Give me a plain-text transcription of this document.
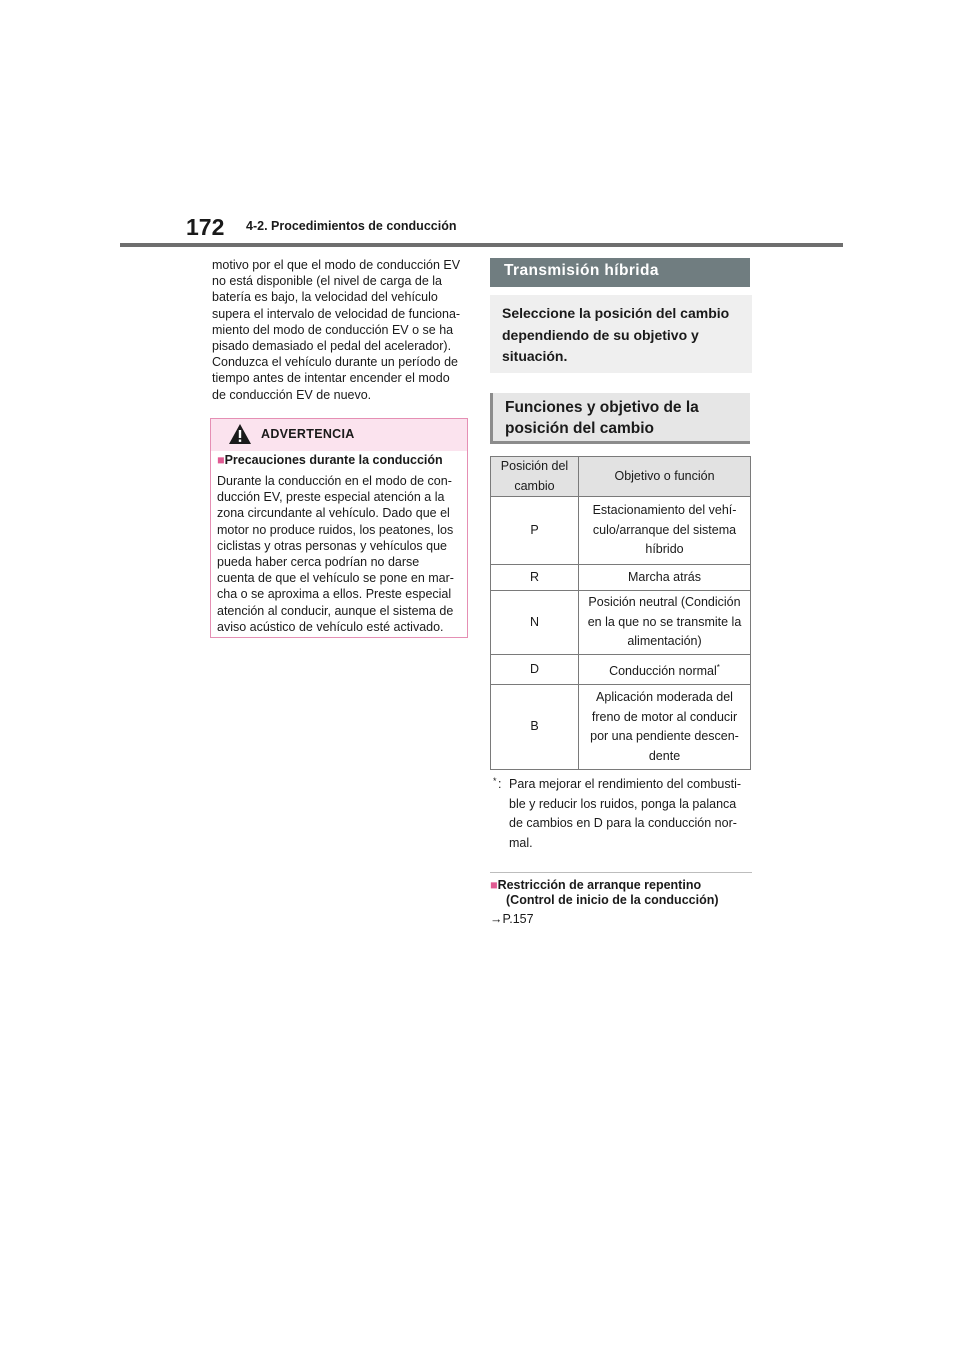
172 4-2. Procedimientos de conducción
motivo por el que el modo de conducción EV
no está disponible (el nivel de carga de la
batería es bajo, la velocidad del vehículo
supera el intervalo de velocidad de funciona-
miento del modo de conducción EV o se ha
pisado demasiado el pedal del acelerador).
Conduzca el vehículo durante un período de
tiempo antes de intentar encender el modo
de conducción EV de nuevo.
ADVERTENCIA
■Precauciones durante la conducción
Durante la conducción en el modo de con-
ducción EV, preste especial atención a la
zona circundante al vehículo. Dado que el
motor no produce ruidos, los peatones, los
ciclistas y otras personas y vehículos que
pueda haber cerca podrían no darse
cuenta de que el vehículo se pone en mar-
cha o se aproxima a ellos. Preste especial
atención al conducir, aunque el sistema de
aviso acústico de vehículo esté activado.
Transmisión híbrida
Seleccione la posición del cambio
dependiendo de su objetivo y
situación.
Funciones y objetivo de la
posición del cambio
Posición del
cambio	Objetivo o función
P	Estacionamiento del vehí-
culo/arranque del sistema
híbrido

R	Marcha atrás

N	Posición neutral (Condición
en la que no se transmite la
alimentación)

D	Conducción normal*
B	Aplicación moderada del
freno de motor al conducir
por una pendiente descen-
dente
* : Para mejorar el rendimiento del combusti-
ble y reducir los ruidos, ponga la palanca
de cambios en D para la conducción nor-
mal.
■Restricción de arranque repentino
(Control de inicio de la conducción)
→P.157
